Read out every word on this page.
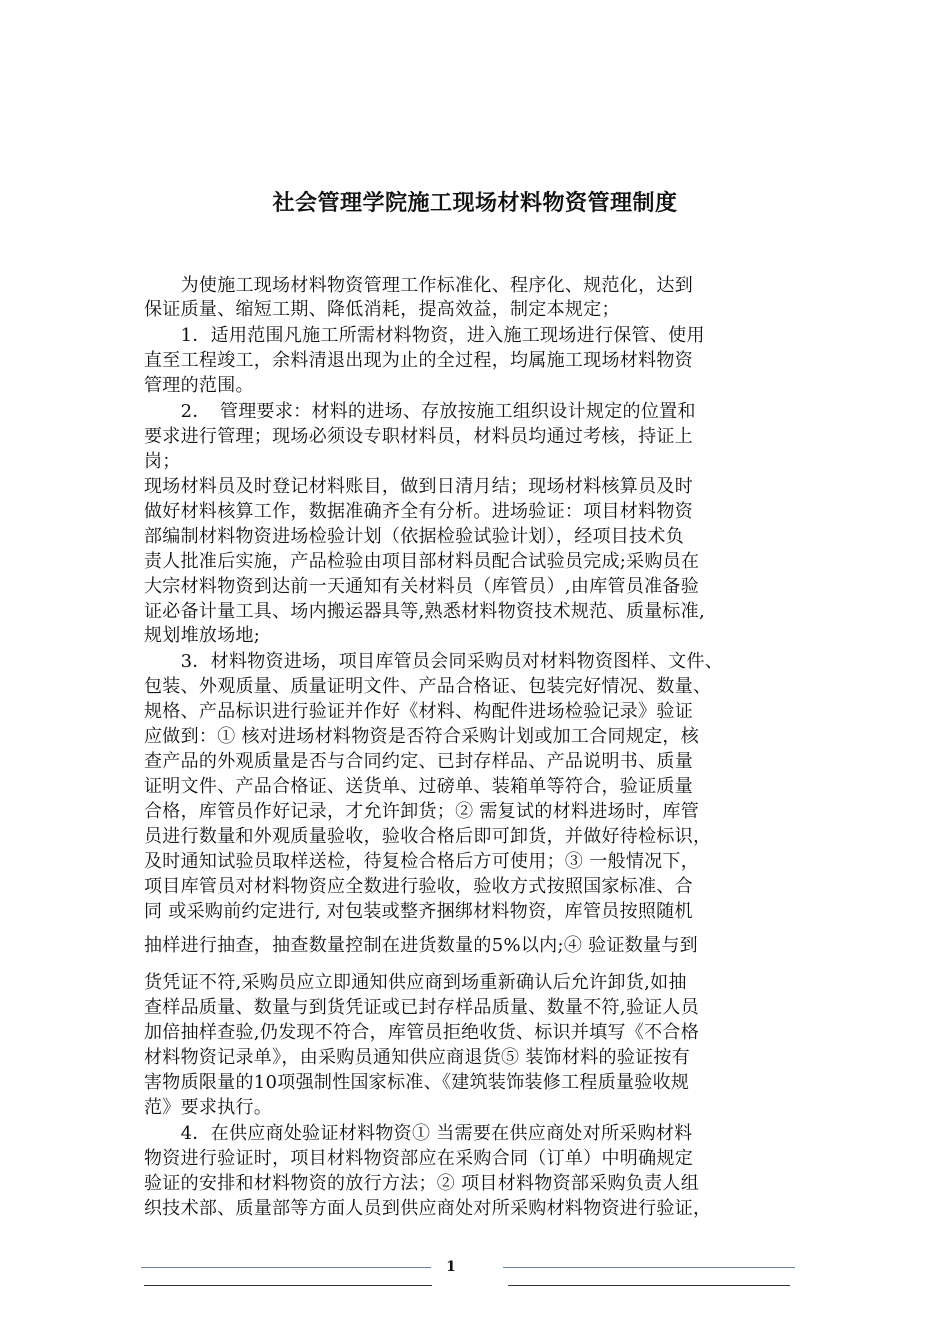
社会管理学院施工现场材料物资管理制度
　　为使施工现场材料物资管理工作标准化、程序化、规范化，达到
保证质量、缩短工期、降低消耗，提高效益，制定本规定；
　　1．适用范围凡施工所需材料物资，进入施工现场进行保管、使用
直至工程竣工，余料清退出现为止的全过程，均属施工现场材料物资
管理的范围。
　　2．　管理要求：材料的进场、存放按施工组织设计规定的位置和
要求进行管理；现场必须设专职材料员，材料员均通过考核，持证上
岗；
现场材料员及时登记材料账目，做到日清月结；现场材料核算员及时
做好材料核算工作，数据准确齐全有分析。进场验证：项目材料物资
部编制材料物资进场检验计划（依据检验试验计划），经项目技术负
责人批准后实施，产品检验由项目部材料员配合试验员完成;采购员在
大宗材料物资到达前一天通知有关材料员（库管员）,由库管员准备验
证必备计量工具、场内搬运器具等,熟悉材料物资技术规范、质量标准,
规划堆放场地;
　　3．材料物资进场，项目库管员会同采购员对材料物资图样、文件、
包装、外观质量、质量证明文件、产品合格证、包装完好情况、数量、
规格、产品标识进行验证并作好《材料、构配件进场检验记录》验证
应做到：① 核对进场材料物资是否符合采购计划或加工合同规定，核
查产品的外观质量是否与合同约定、已封存样品、产品说明书、质量
证明文件、产品合格证、送货单、过磅单、装箱单等符合，验证质量
合格，库管员作好记录，才允许卸货；② 需复试的材料进场时，库管
员进行数量和外观质量验收，验收合格后即可卸货，并做好待检标识，
及时通知试验员取样送检，待复检合格后方可使用；③ 一般情况下，
项目库管员对材料物资应全数进行验收，验收方式按照国家标准、合
同 或采购前约定进行, 对包装或整齐捆绑材料物资，库管员按照随机
抽样进行抽查，抽查数量控制在进货数量的5%以内;④ 验证数量与到
货凭证不符,采购员应立即通知供应商到场重新确认后允许卸货,如抽
查样品质量、数量与到货凭证或已封存样品质量、数量不符,验证人员
加倍抽样查验,仍发现不符合，库管员拒绝收货、标识并填写《不合格
材料物资记录单》，由采购员通知供应商退货⑤ 装饰材料的验证按有
害物质限量的10项强制性国家标准、《建筑装饰装修工程质量验收规
范》要求执行。
　　4．在供应商处验证材料物资① 当需要在供应商处对所采购材料
物资进行验证时，项目材料物资部应在采购合同（订单）中明确规定
验证的安排和材料物资的放行方法；② 项目材料物资部采购负责人组
织技术部、质量部等方面人员到供应商处对所采购材料物资进行验证，
1
